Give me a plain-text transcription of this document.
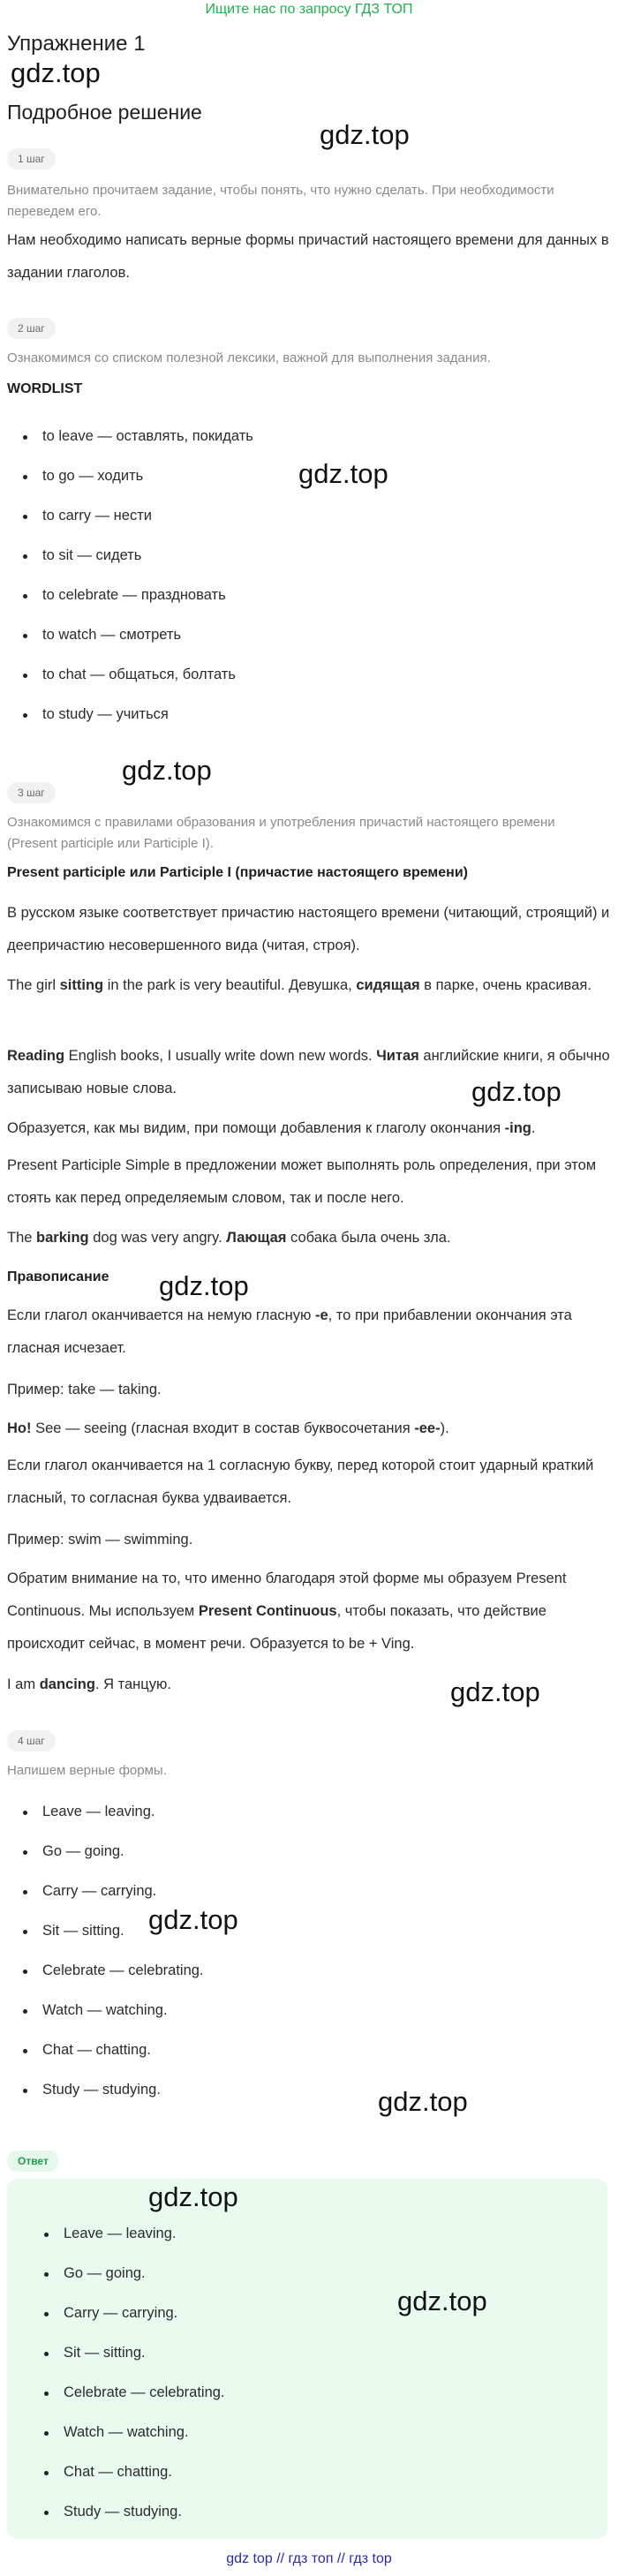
Ищите нас по запросу ГДЗ ТОП
Упражнение 1
gdz.top
Подробное решение
gdz.top
1 шаг
Внимательно прочитаем задание, чтобы понять, что нужно сделать. При необходимости переведем его.
Нам необходимо написать верные формы причастий настоящего времени для данных в задании глаголов.
2 шаг
Ознакомимся со списком полезной лексики, важной для выполнения задания.
WORDLIST
to leave — оставлять, покидать
to go — ходить
to carry — нести
to sit — сидеть
to celebrate — праздновать
to watch — смотреть
to chat — общаться, болтать
to study — учиться
gdz.top
gdz.top
3 шаг
Ознакомимся с правилами образования и употребления причастий настоящего времени (Present participle или Participle I).
Present participle или Participle I (причастие настоящего времени)
В русском языке соответствует причастию настоящего времени (читающий, строящий) и деепричастию несовершенного вида (читая, строя).
The girl sitting in the park is very beautiful. Девушка, сидящая в парке, очень красивая.
Reading English books, I usually write down new words. Читая английские книги, я обычно записываю новые слова.	gdz.top
Образуется, как мы видим, при помощи добавления к глаголу окончания -ing.
Present Participle Simple в предложении может выполнять роль определения, при этом стоять как перед определяемым словом, так и после него.
The barking dog was very angry. Лающая собака была очень зла.
Правописание gdz.top
Если глагол оканчивается на немую гласную -e, то при прибавлении окончания эта гласная исчезает.
Пример: take — taking.
Но! See — seeing (гласная входит в состав буквосочетания -ee-).
Если глагол оканчивается на 1 согласную букву, перед которой стоит ударный краткий гласный, то согласная буква удваивается.
Пример: swim — swimming.
Обратим внимание на то, что именно благодаря этой форме мы образуем Present Continuous. Мы используем Present Continuous, чтобы показать, что действие происходит сейчас, в момент речи. Образуется to be + Ving.
I am dancing. Я танцую.	gdz.top
4 шаг
Напишем верные формы.
Leave — leaving.
Go — going.
Carry — carrying.
Sit — sitting.
Celebrate — celebrating.
Watch — watching.
Chat — chatting.
Study — studying.
gdz.top
gdz.top
Ответ
gdz.top
Leave — leaving.
Go — going.
Carry — carrying.
Sit — sitting.
Celebrate — celebrating.
Watch — watching.
Chat — chatting.
Study — studying.
gdz.top
gdz top // гдз топ // гдз top
